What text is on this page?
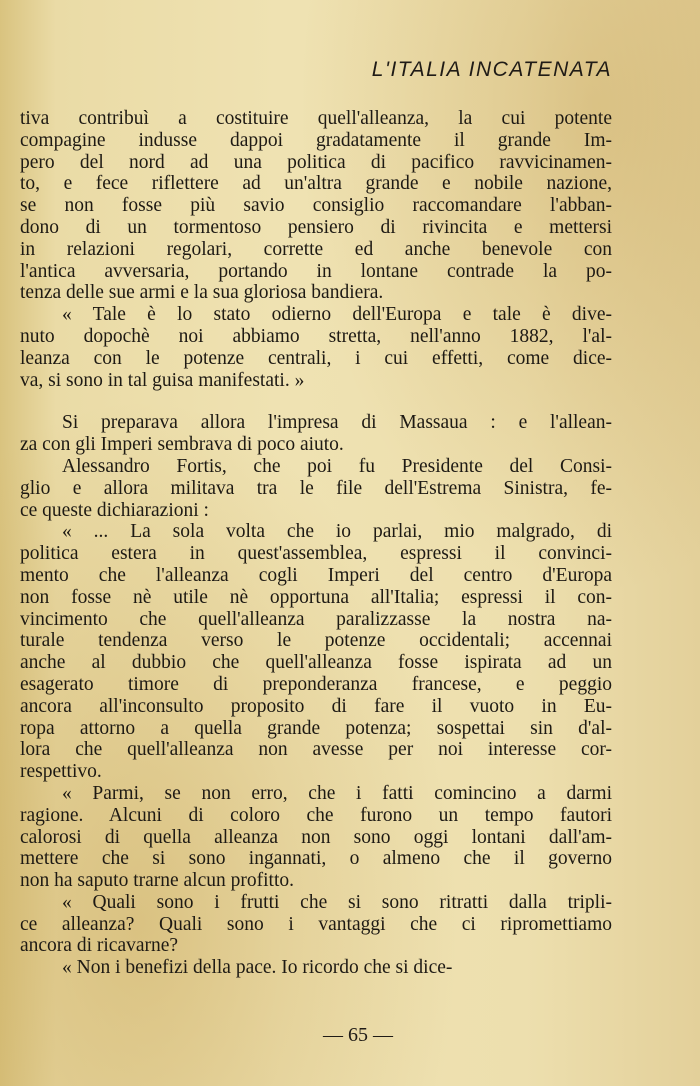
L'ITALIA INCATENATA
tiva contribuì a costituire quell'alleanza, la cui potente
compagine indusse dappoi gradatamente il grande Im-
pero del nord ad una politica di pacifico ravvicinamen-
to, e fece riflettere ad un'altra grande e nobile nazione,
se non fosse più savio consiglio raccomandare l'abban-
dono di un tormentoso pensiero di rivincita e mettersi
in relazioni regolari, corrette ed anche benevole con
l'antica avversaria, portando in lontane contrade la po-
tenza delle sue armi e la sua gloriosa bandiera.
« Tale è lo stato odierno dell'Europa e tale è dive-
nuto dopochè noi abbiamo stretta, nell'anno 1882, l'al-
leanza con le potenze centrali, i cui effetti, come dice-
va, si sono in tal guisa manifestati. »
Si preparava allora l'impresa di Massaua : e l'allean-
za con gli Imperi sembrava di poco aiuto.
Alessandro Fortis, che poi fu Presidente del Consi-
glio e allora militava tra le file dell'Estrema Sinistra, fe-
ce queste dichiarazioni :
« ... La sola volta che io parlai, mio malgrado, di
politica estera in quest'assemblea, espressi il convinci-
mento che l'alleanza cogli Imperi del centro d'Europa
non fosse nè utile nè opportuna all'Italia; espressi il con-
vincimento che quell'alleanza paralizzasse la nostra na-
turale tendenza verso le potenze occidentali; accennai
anche al dubbio che quell'alleanza fosse ispirata ad un
esagerato timore di preponderanza francese, e peggio
ancora all'inconsulto proposito di fare il vuoto in Eu-
ropa attorno a quella grande potenza; sospettai sin d'al-
lora che quell'alleanza non avesse per noi interesse cor-
respettivo.
« Parmi, se non erro, che i fatti comincino a darmi
ragione. Alcuni di coloro che furono un tempo fautori
calorosi di quella alleanza non sono oggi lontani dall'am-
mettere che si sono ingannati, o almeno che il governo
non ha saputo trarne alcun profitto.
« Quali sono i frutti che si sono ritratti dalla tripli-
ce alleanza? Quali sono i vantaggi che ci ripromettiamo
ancora di ricavarne?
« Non i benefizi della pace. Io ricordo che si dice-
— 65 —
